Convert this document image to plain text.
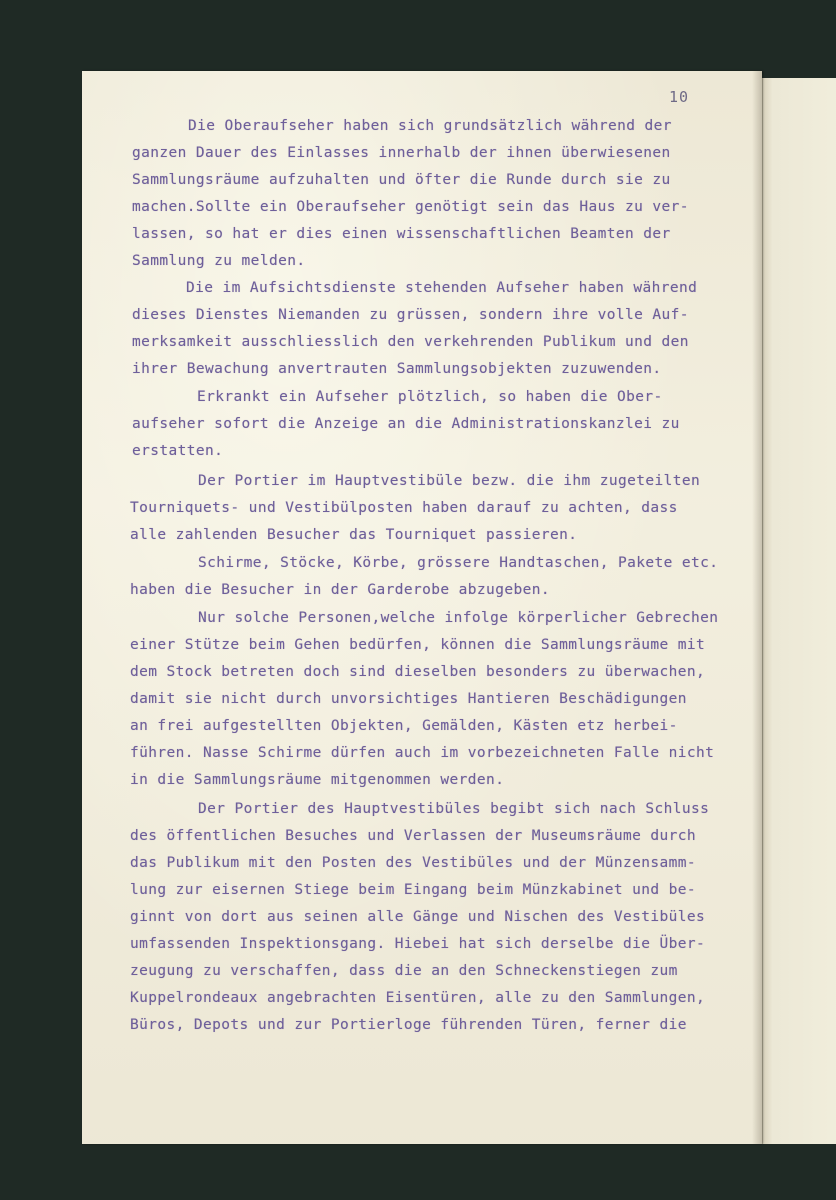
10
Die Oberaufseher haben sich grundsätzlich während der
ganzen Dauer des Einlasses innerhalb der ihnen überwiesenen
Sammlungsräume aufzuhalten und öfter die Runde durch sie zu
machen.Sollte ein Oberaufseher genötigt sein das Haus zu ver-
lassen, so hat er dies einen wissenschaftlichen Beamten der
Sammlung zu melden.
Die im Aufsichtsdienste stehenden Aufseher haben während
dieses Dienstes Niemanden zu grüssen, sondern ihre volle Auf-
merksamkeit ausschliesslich den verkehrenden Publikum und den
ihrer Bewachung anvertrauten Sammlungsobjekten zuzuwenden.
Erkrankt ein Aufseher plötzlich, so haben die Ober-
aufseher sofort die Anzeige an die Administrationskanzlei zu
erstatten.
Der Portier im Hauptvestibüle bezw. die ihm zugeteilten
Tourniquets- und Vestibülposten haben darauf zu achten, dass
alle zahlenden Besucher das Tourniquet passieren.
Schirme, Stöcke, Körbe, grössere Handtaschen, Pakete etc.
haben die Besucher in der Garderobe abzugeben.
Nur solche Personen,welche infolge körperlicher Gebrechen
einer Stütze beim Gehen bedürfen, können die Sammlungsräume mit
dem Stock betreten doch sind dieselben besonders zu überwachen,
damit sie nicht durch unvorsichtiges Hantieren Beschädigungen
an frei aufgestellten Objekten, Gemälden, Kästen etz herbei-
führen. Nasse Schirme dürfen auch im vorbezeichneten Falle nicht
in die Sammlungsräume mitgenommen werden.
Der Portier des Hauptvestibüles begibt sich nach Schluss
des öffentlichen Besuches und Verlassen der Museumsräume durch
das Publikum mit den Posten des Vestibüles und der Münzensamm-
lung zur eisernen Stiege beim Eingang beim Münzkabinet und be-
ginnt von dort aus seinen alle Gänge und Nischen des Vestibüles
umfassenden Inspektionsgang. Hiebei hat sich derselbe die Über-
zeugung zu verschaffen, dass die an den Schneckenstiegen zum
Kuppelrondeaux angebrachten Eisentüren, alle zu den Sammlungen,
Büros, Depots und zur Portierloge führenden Türen, ferner die
